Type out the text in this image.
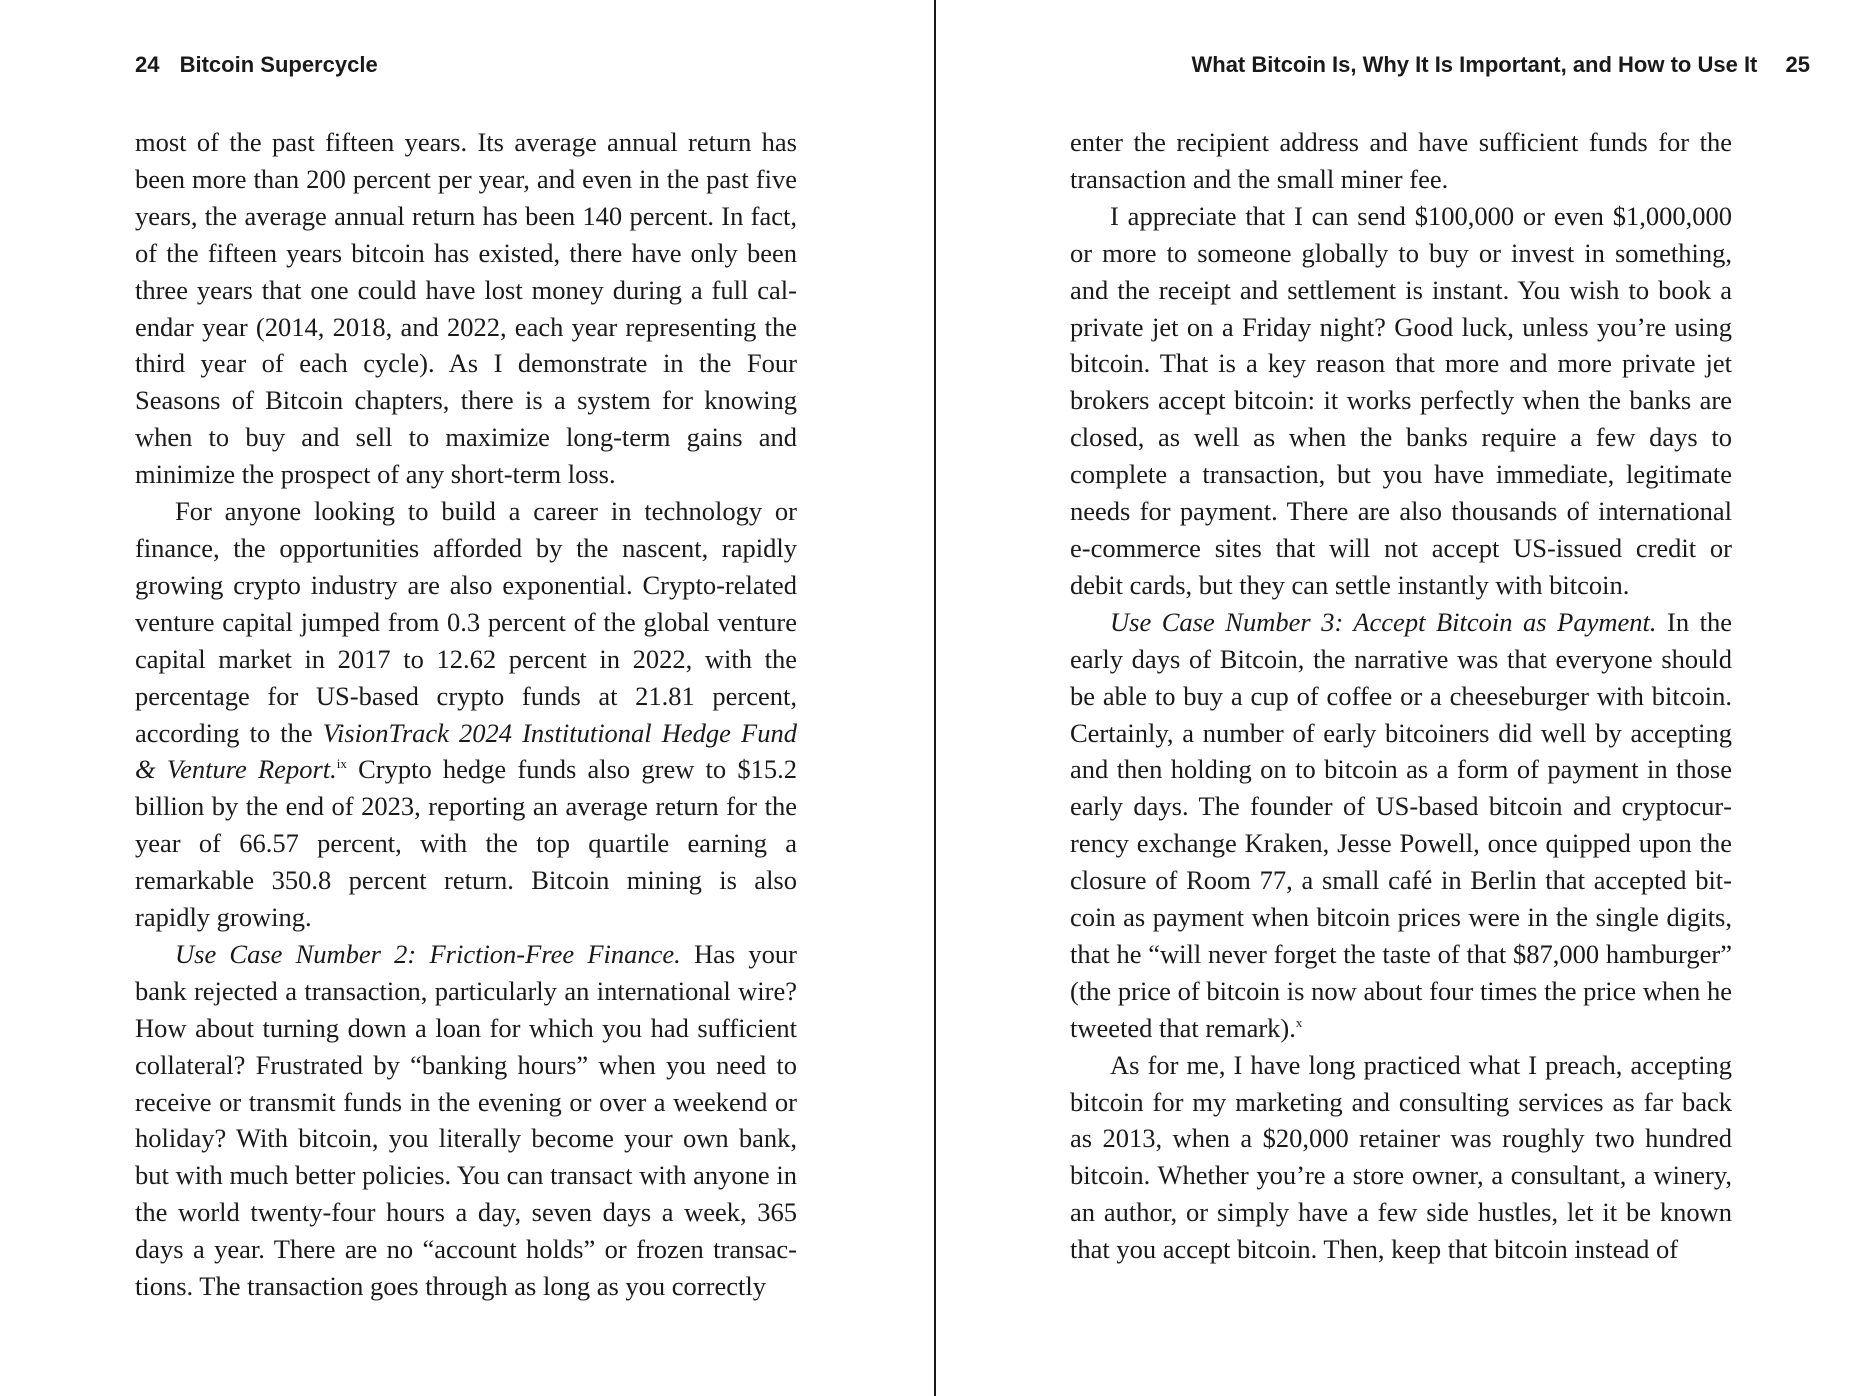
24 Bitcoin Supercycle

most of the past fifteen years. Its average annual return has been more than 200 percent per year, and even in the past five years, the average annual return has been 140 percent. In fact, of the fifteen years bitcoin has existed, there have only been three years that one could have lost money during a full calendar year (2014, 2018, and 2022, each year representing the third year of each cycle). As I demonstrate in the Four Seasons of Bitcoin chapters, there is a system for knowing when to buy and sell to maximize long-term gains and minimize the prospect of any short-term loss.

For anyone looking to build a career in technology or finance, the opportunities afforded by the nascent, rapidly growing crypto industry are also exponential. Crypto-related venture capital jumped from 0.3 percent of the global venture capital market in 2017 to 12.62 percent in 2022, with the percentage for US-based crypto funds at 21.81 percent, according to the VisionTrack 2024 Institutional Hedge Fund & Venture Report.$^{ix}$ Crypto hedge funds also grew to $15.2 billion by the end of 2023, reporting an average return for the year of 66.57 percent, with the top quartile earning a remarkable 350.8 percent return. Bitcoin mining is also rapidly growing.

Use Case Number 2: Friction-Free Finance. Has your bank rejected a transaction, particularly an international wire? How about turning down a loan for which you had sufficient collateral? Frustrated by “banking hours” when you need to receive or transmit funds in the evening or over a weekend or holiday? With bitcoin, you literally become your own bank, but with much better policies. You can transact with anyone in the world twenty-four hours a day, seven days a week, 365 days a year. There are no “account holds” or frozen transactions. The transaction goes through as long as you correctly

What Bitcoin Is, Why It Is Important, and How to Use It 25

enter the recipient address and have sufficient funds for the transaction and the small miner fee.

I appreciate that I can send $100,000 or even $1,000,000 or more to someone globally to buy or invest in something, and the receipt and settlement is instant. You wish to book a private jet on a Friday night? Good luck, unless you’re using bitcoin. That is a key reason that more and more private jet brokers accept bitcoin: it works perfectly when the banks are closed, as well as when the banks require a few days to complete a transaction, but you have immediate, legitimate needs for payment. There are also thousands of international e-commerce sites that will not accept US-issued credit or debit cards, but they can settle instantly with bitcoin.

Use Case Number 3: Accept Bitcoin as Payment. In the early days of Bitcoin, the narrative was that everyone should be able to buy a cup of coffee or a cheeseburger with bitcoin. Certainly, a number of early bitcoiners did well by accepting and then holding on to bitcoin as a form of payment in those early days. The founder of US-based bitcoin and cryptocurrency exchange Kraken, Jesse Powell, once quipped upon the closure of Room 77, a small café in Berlin that accepted bitcoin as payment when bitcoin prices were in the single digits, that he “will never forget the taste of that $87,000 hamburger” (the price of bitcoin is now about four times the price when he tweeted that remark).$^x$

As for me, I have long practiced what I preach, accepting bitcoin for my marketing and consulting services as far back as 2013, when a $20,000 retainer was roughly two hundred bitcoin. Whether you’re a store owner, a consultant, a winery, an author, or simply have a few side hustles, let it be known that you accept bitcoin. Then, keep that bitcoin instead of
